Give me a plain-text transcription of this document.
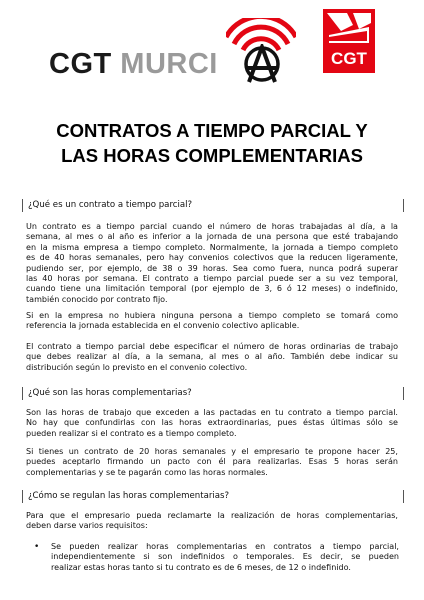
CGT MURCI	CGT
CONTRATOS A TIEMPO PARCIAL Y
LAS HORAS COMPLEMENTARIAS
¿Qué es un contrato a tiempo parcial?
Un contrato es a tiempo parcial cuando el número de horas trabajadas al día, a la
semana, al mes o al año es inferior a la jornada de una persona que esté trabajando
en la misma empresa a tiempo completo. Normalmente, la jornada a tiempo completo
es de 40 horas semanales, pero hay convenios colectivos que la reducen ligeramente,
pudiendo ser, por ejemplo, de 38 o 39 horas. Sea como fuera, nunca podrá superar
las 40 horas por semana. El contrato a tiempo parcial puede ser a su vez temporal,
cuando tiene una limitación temporal (por ejemplo de 3, 6 ó 12 meses) o indefinido,
también conocido por contrato fijo.
Si en la empresa no hubiera ninguna persona a tiempo completo se tomará como
referencia la jornada establecida en el convenio colectivo aplicable.
El contrato a tiempo parcial debe especificar el número de horas ordinarias de trabajo
que debes realizar al día, a la semana, al mes o al año. También debe indicar su
distribución según lo previsto en el convenio colectivo.
¿Qué son las horas complementarias?
Son las horas de trabajo que exceden a las pactadas en tu contrato a tiempo parcial.
No hay que confundirlas con las horas extraordinarias, pues éstas últimas sólo se
pueden realizar si el contrato es a tiempo completo.
Si tienes un contrato de 20 horas semanales y el empresario te propone hacer 25,
puedes aceptarlo firmando un pacto con él para realizarlas. Esas 5 horas serán
complementarias y se te pagarán como las horas normales.
¿Cómo se regulan las horas complementarias?
Para que el empresario pueda reclamarte la realización de horas complementarias,
deben darse varios requisitos:
• Se pueden realizar horas complementarias en contratos a tiempo parcial,
independientemente si son indefinidos o temporales. Es decir, se pueden
realizar estas horas tanto si tu contrato es de 6 meses, de 12 o indefinido.
